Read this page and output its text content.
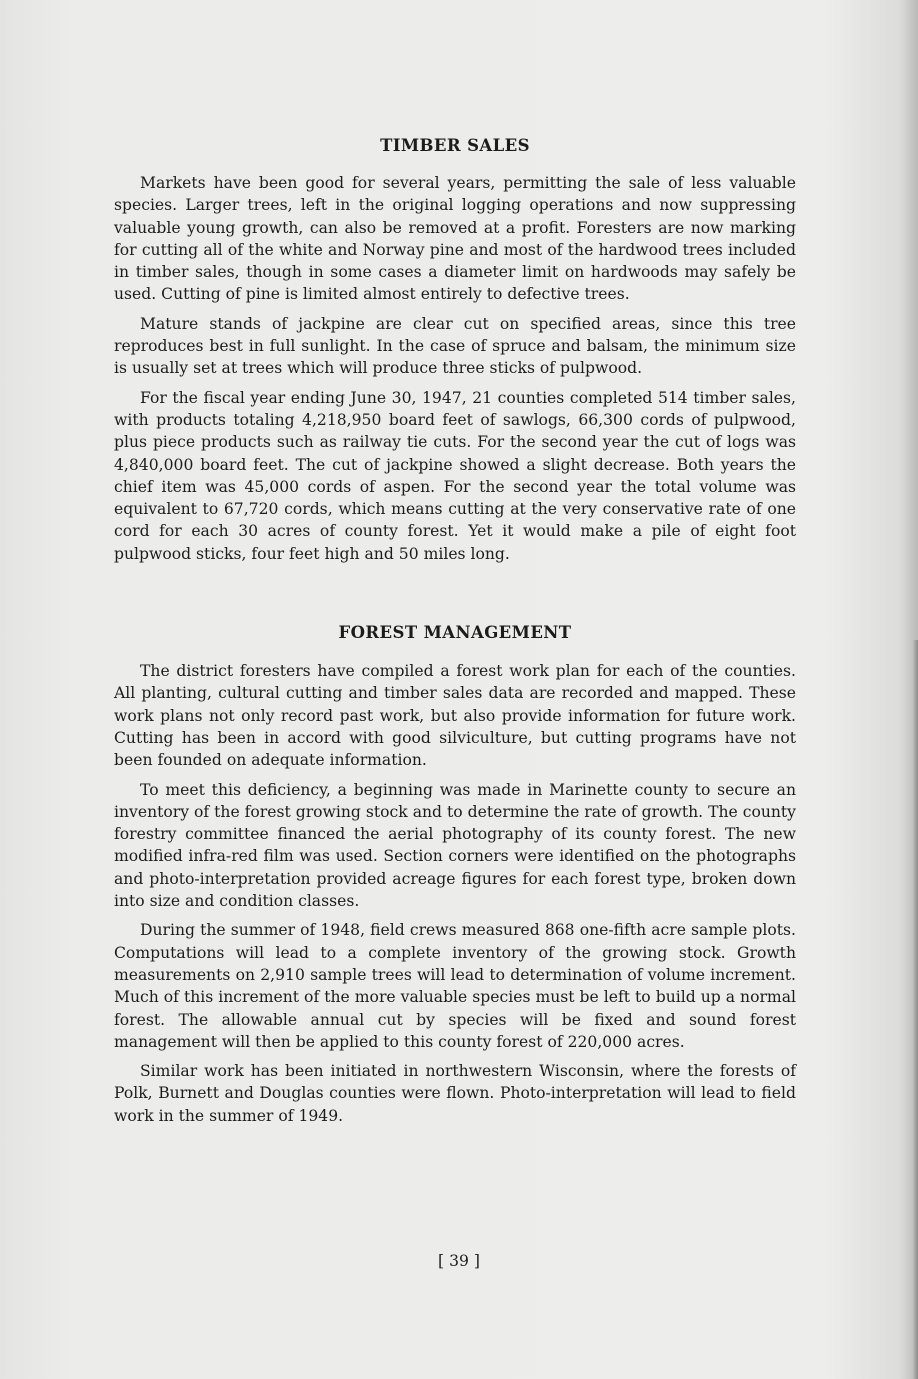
TIMBER SALES

Markets have been good for several years, permitting the sale of less valuable species. Larger trees, left in the original logging operations and now suppressing valuable young growth, can also be removed at a profit. Foresters are now marking for cutting all of the white and Norway pine and most of the hardwood trees included in timber sales, though in some cases a diameter limit on hardwoods may safely be used. Cutting of pine is limited almost entirely to defective trees.

Mature stands of jackpine are clear cut on specified areas, since this tree reproduces best in full sunlight. In the case of spruce and balsam, the minimum size is usually set at trees which will produce three sticks of pulpwood.

For the fiscal year ending June 30, 1947, 21 counties completed 514 timber sales, with products totaling 4,218,950 board feet of sawlogs, 66,300 cords of pulpwood, plus piece products such as railway tie cuts. For the second year the cut of logs was 4,840,000 board feet. The cut of jackpine showed a slight decrease. Both years the chief item was 45,000 cords of aspen. For the second year the total volume was equivalent to 67,720 cords, which means cutting at the very conservative rate of one cord for each 30 acres of county forest. Yet it would make a pile of eight foot pulpwood sticks, four feet high and 50 miles long.

FOREST MANAGEMENT

The district foresters have compiled a forest work plan for each of the counties. All planting, cultural cutting and timber sales data are recorded and mapped. These work plans not only record past work, but also provide information for future work. Cutting has been in accord with good silviculture, but cutting programs have not been founded on adequate information.

To meet this deficiency, a beginning was made in Marinette county to secure an inventory of the forest growing stock and to determine the rate of growth. The county forestry committee financed the aerial photography of its county forest. The new modified infra-red film was used. Section corners were identified on the photographs and photo-interpretation provided acreage figures for each forest type, broken down into size and condition classes.

During the summer of 1948, field crews measured 868 one-fifth acre sample plots. Computations will lead to a complete inventory of the growing stock. Growth measurements on 2,910 sample trees will lead to determination of volume increment. Much of this increment of the more valuable species must be left to build up a normal forest. The allowable annual cut by species will be fixed and sound forest management will then be applied to this county forest of 220,000 acres.

Similar work has been initiated in northwestern Wisconsin, where the forests of Polk, Burnett and Douglas counties were flown. Photo-interpretation will lead to field work in the summer of 1949.

[ 39 ]
